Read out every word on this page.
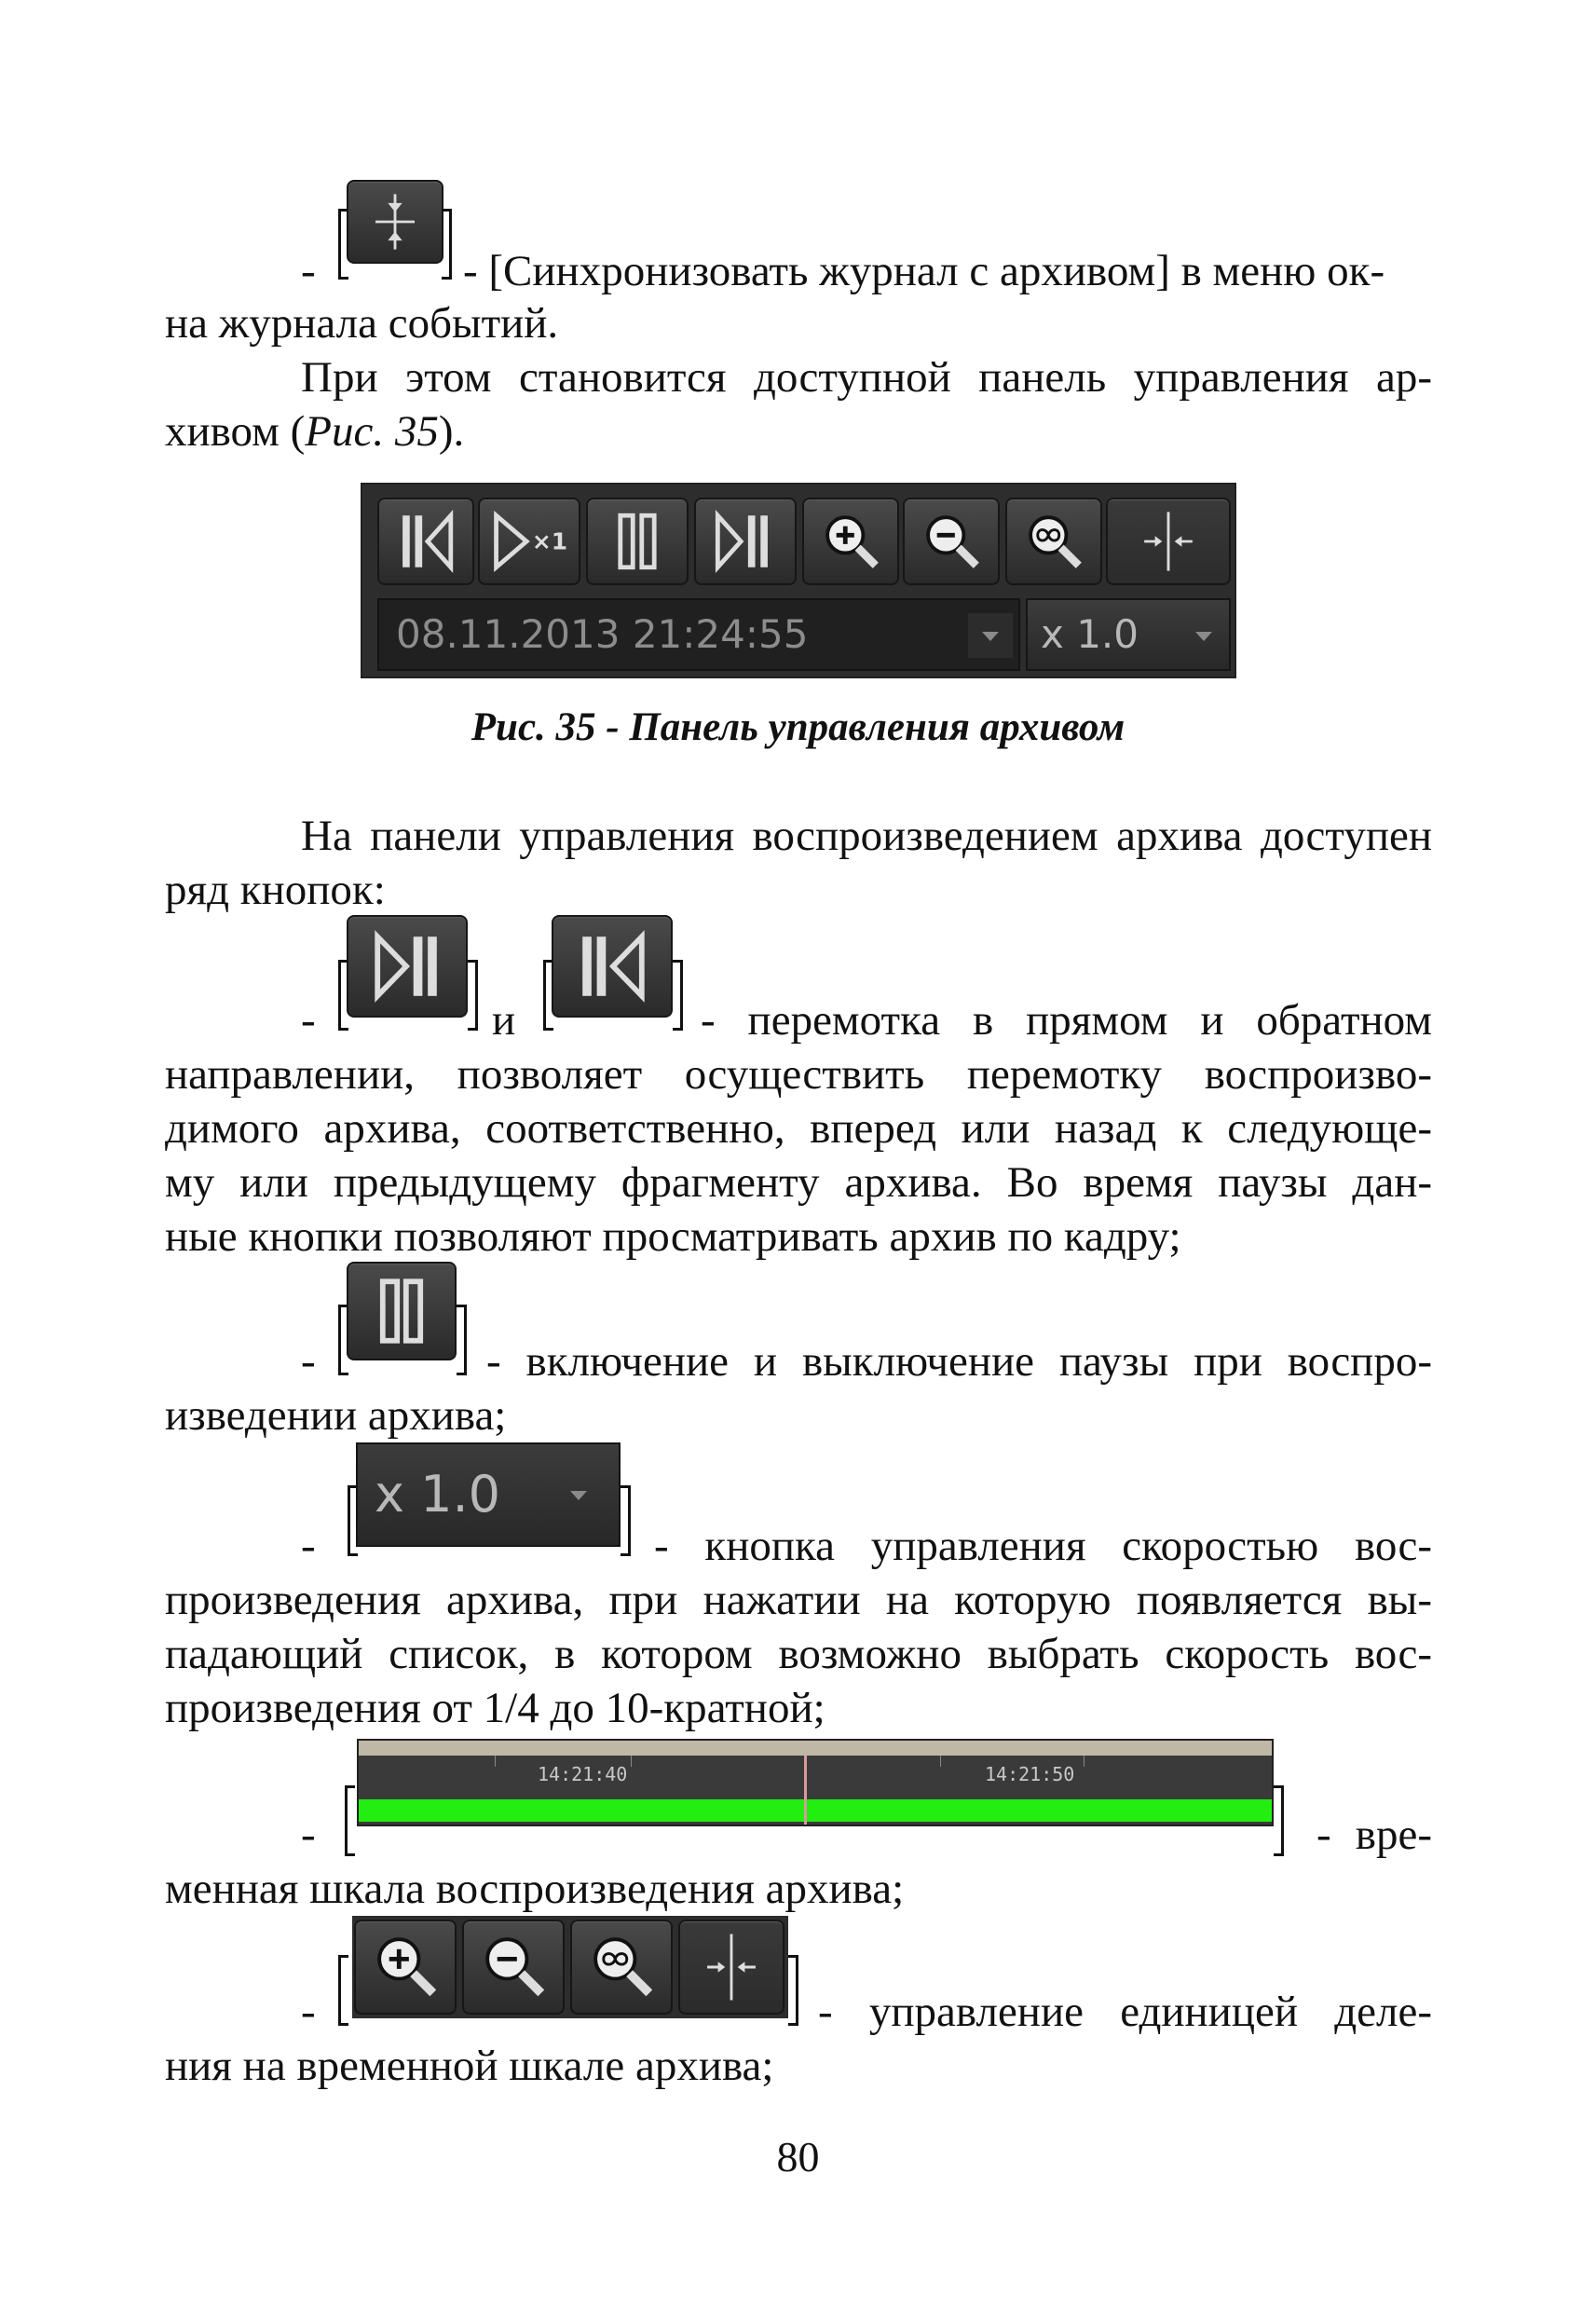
-	- [Синхронизовать журнал с архивом] в меню ок-
на журнала событий.
При этом становится доступной панель управления ар-
хивом (Рис. 35).
×1
08.11.2013 21:24:55	x 1.0
Рис. 35 - Панель управления архивом
На панели управления воспроизведением архива доступен
ряд кнопок:
-	и	- перемотка в прямом и обратном
направлении, позволяет осуществить перемотку воспроизво-
димого архива, соответственно, вперед или назад к следующе-
му или предыдущему фрагменту архива. Во время паузы дан-
ные кнопки позволяют просматривать архив по кадру;
-	- включение и выключение паузы при воспро-
изведении архива;
-
x 1.0
- кнопка управления скоростью вос-
произведения архива, при нажатии на которую появляется вы-
падающий список, в котором возможно выбрать скорость вос-
произведения от 1/4 до 10-кратной;
-
14:21:40	14:21:50
- вре-
менная шкала воспроизведения архива;
-	- управление единицей деле-
ния на временной шкале архива;
80
